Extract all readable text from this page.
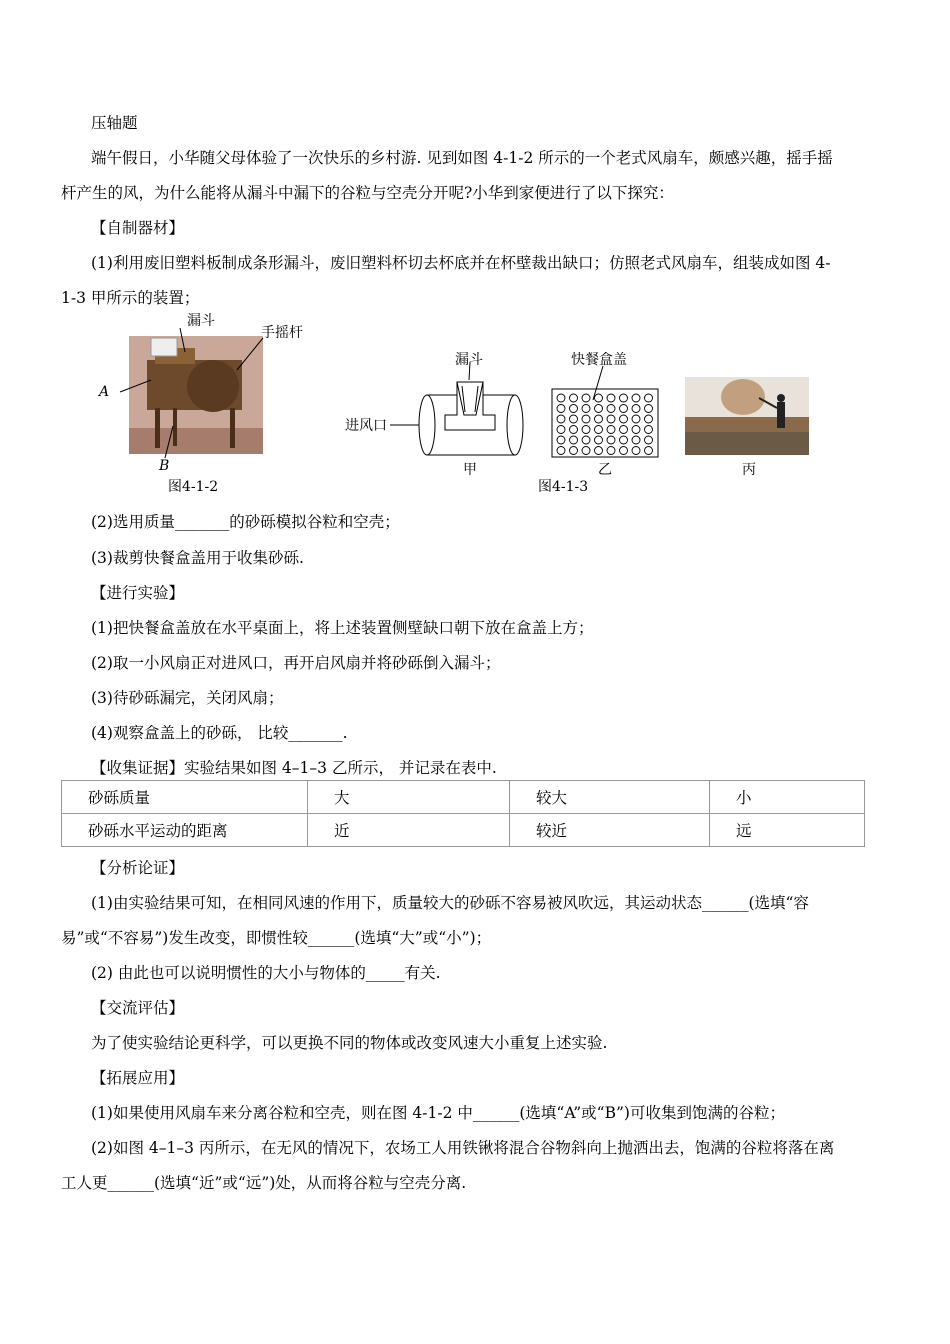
压轴题
端午假日，小华随父母体验了一次快乐的乡村游. 见到如图 4-1-2 所示的一个老式风扇车，颇感兴趣，摇手摇
杆产生的风，为什么能将从漏斗中漏下的谷粒与空壳分开呢?小华到家便进行了以下探究：
【自制器材】
(1)利用废旧塑料板制成条形漏斗，废旧塑料杯切去杯底并在杯壁裁出缺口；仿照老式风扇车，组装成如图 4-
1-3 甲所示的装置；
漏斗
手摇杆
A
B
图4-1-2
漏斗
进风口
快餐盒盖
甲	乙	丙
图4-1-3
(2)选用质量_______的砂砾模拟谷粒和空壳；
(3)裁剪快餐盒盖用于收集砂砾.
【进行实验】
(1)把快餐盒盖放在水平桌面上，将上述装置侧壁缺口朝下放在盒盖上方；
(2)取一小风扇正对进风口，再开启风扇并将砂砾倒入漏斗；
(3)待砂砾漏完，关闭风扇；
(4)观察盒盖上的砂砾， 比较_______.
【收集证据】实验结果如图 4–1–3 乙所示， 并记录在表中.
砂砾质量	大	较大	小
砂砾水平运动的距离	近	较近	远
【分析论证】
(1)由实验结果可知，在相同风速的作用下，质量较大的砂砾不容易被风吹远，其运动状态______(选填“容
易”或“不容易”)发生改变，即惯性较______(选填“大”或“小”)；
(2) 由此也可以说明惯性的大小与物体的_____有关.
【交流评估】
为了使实验结论更科学，可以更换不同的物体或改变风速大小重复上述实验.
【拓展应用】
(1)如果使用风扇车来分离谷粒和空壳，则在图 4-1-2 中______(选填“A”或“B”)可收集到饱满的谷粒；
(2)如图 4–1–3 丙所示，在无风的情况下，农场工人用铁锹将混合谷物斜向上抛洒出去，饱满的谷粒将落在离
工人更______(选填“近”或“远”)处，从而将谷粒与空壳分离.
